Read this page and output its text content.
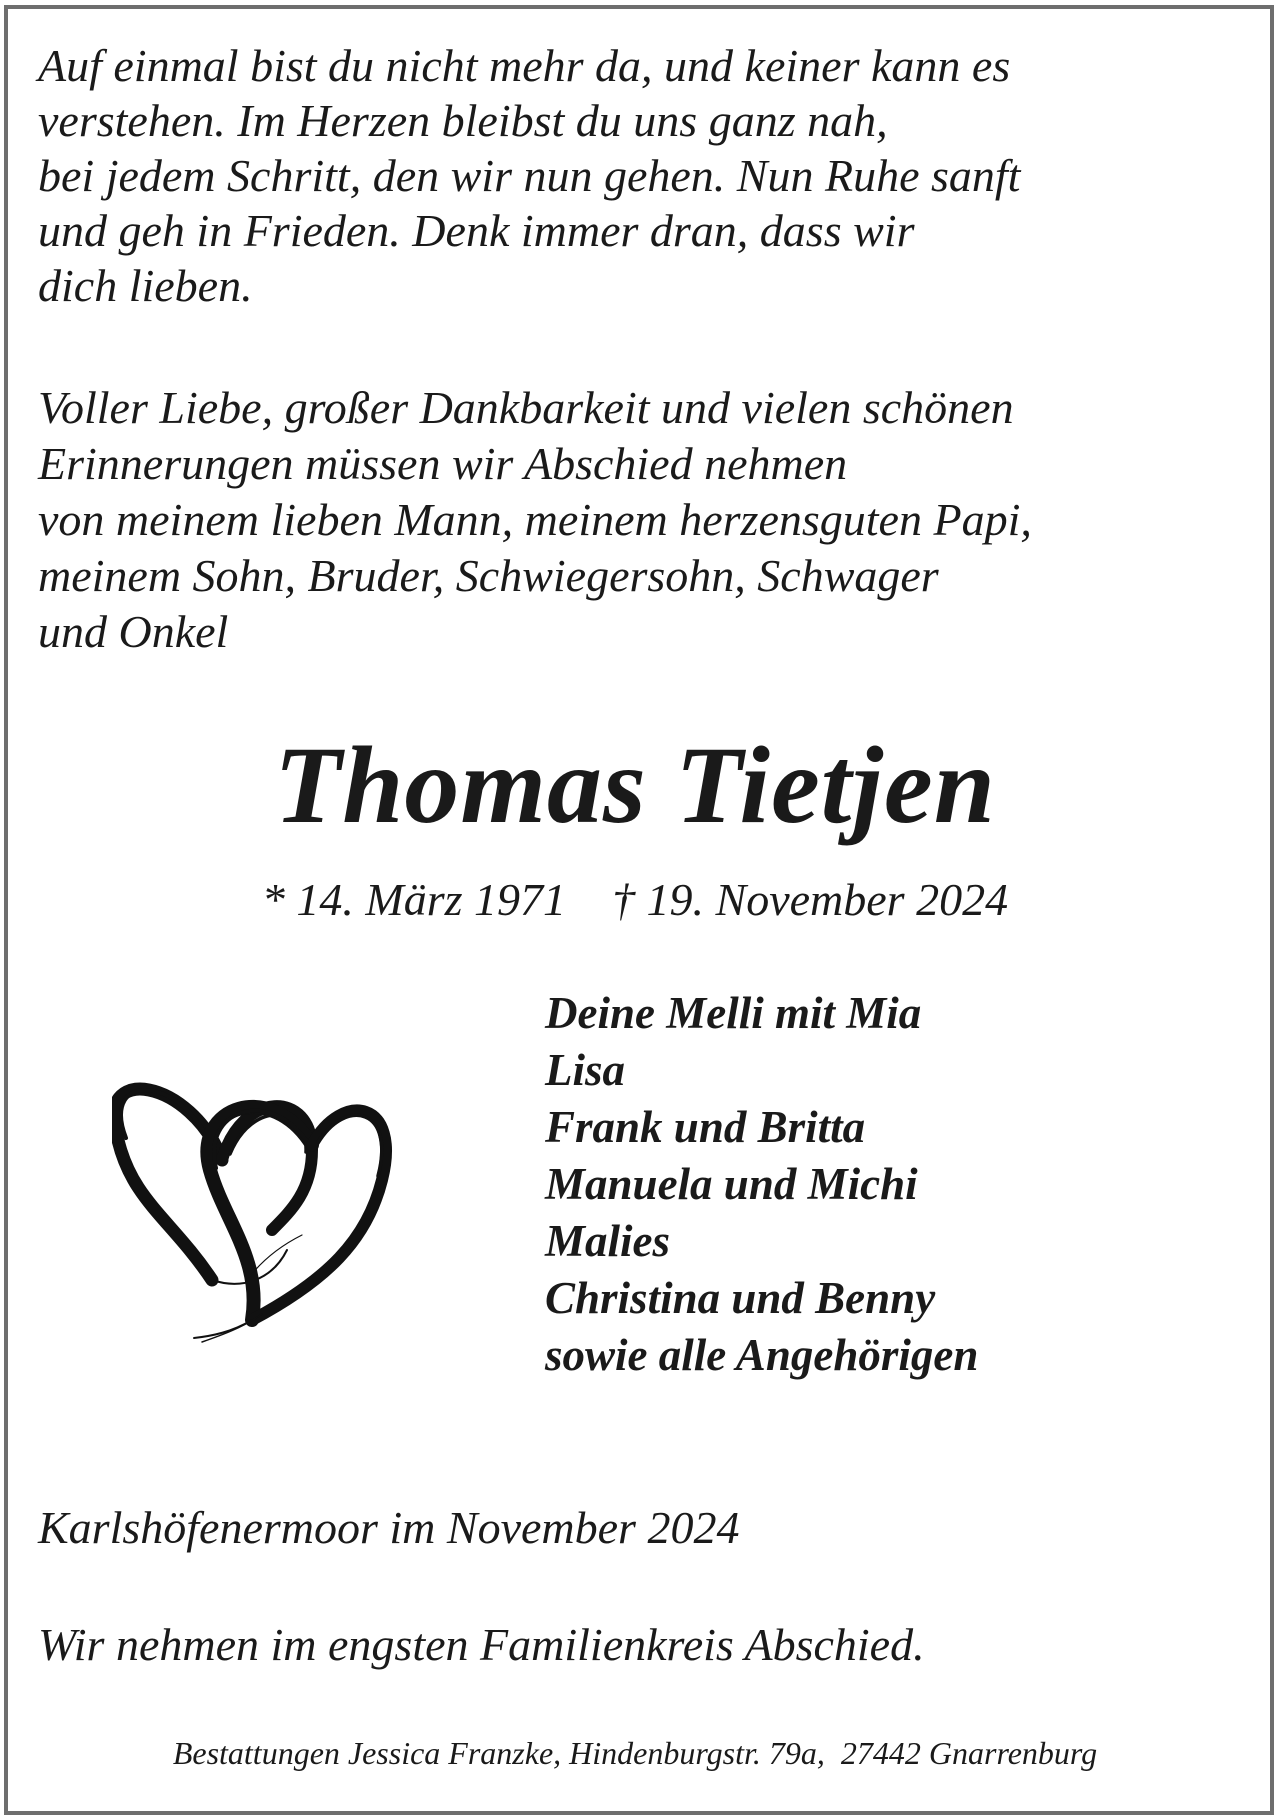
Auf einmal bist du nicht mehr da, und keiner kann es
verstehen. Im Herzen bleibst du uns ganz nah,
bei jedem Schritt, den wir nun gehen. Nun Ruhe sanft
und geh in Frieden. Denk immer dran, dass wir
dich lieben.

Voller Liebe, großer Dankbarkeit und vielen schönen
Erinnerungen müssen wir Abschied nehmen
von meinem lieben Mann, meinem herzensguten Papi,
meinem Sohn, Bruder, Schwiegersohn, Schwager
und Onkel

Thomas Tietjen
* 14. März 1971 † 19. November 2024
Deine Melli mit Mia
Lisa
Frank und Britta
Manuela und Michi
Malies
Christina und Benny
sowie alle Angehörigen
Karlshöfenermoor im November 2024
Wir nehmen im engsten Familienkreis Abschied.
Bestattungen Jessica Franzke, Hindenburgstr. 79a, 27442 Gnarrenburg
